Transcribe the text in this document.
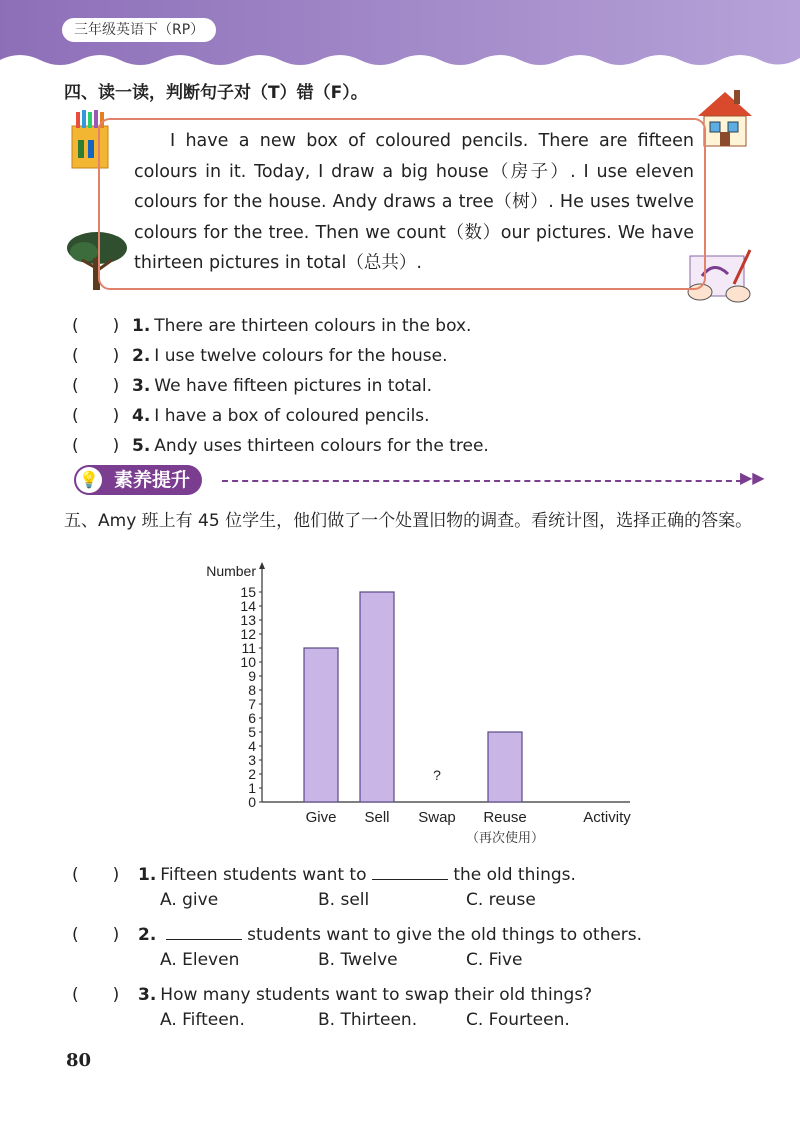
三年级英语下（RP）
四、读一读，判断句子对（T）错（F）。
I have a new box of coloured pencils. There are fifteen colours in it. Today, I draw a big house（房子）. I use eleven colours for the house. Andy draws a tree（树）. He uses twelve colours for the tree. Then we count（数）our pictures. We have thirteen pictures in total（总共）.
(　　) 1. There are thirteen colours in the box.
(　　) 2. I use twelve colours for the house.
(　　) 3. We have fifteen pictures in total.
(　　) 4. I have a box of coloured pencils.
(　　) 5. Andy uses thirteen colours for the tree.
素养提升
💡	▶▶
五、Amy 班上有 45 位学生，他们做了一个处置旧物的调查。看统计图，选择正确的答案。
Number
0
1
2
3
4
5
6
7
8
9
10
11
12
13
14
15
Give Sell
?
Swap Reuse
（再次使用）
Activity
(　　) 1. Fifteen students want to	the old things.
A. give	B. sell	C. reuse
(　　) 2.	students want to give the old things to others.
A. Eleven	B. Twelve	C. Five
(　　) 3. How many students want to swap their old things?
A. Fifteen.	B. Thirteen.	C. Fourteen.
80
